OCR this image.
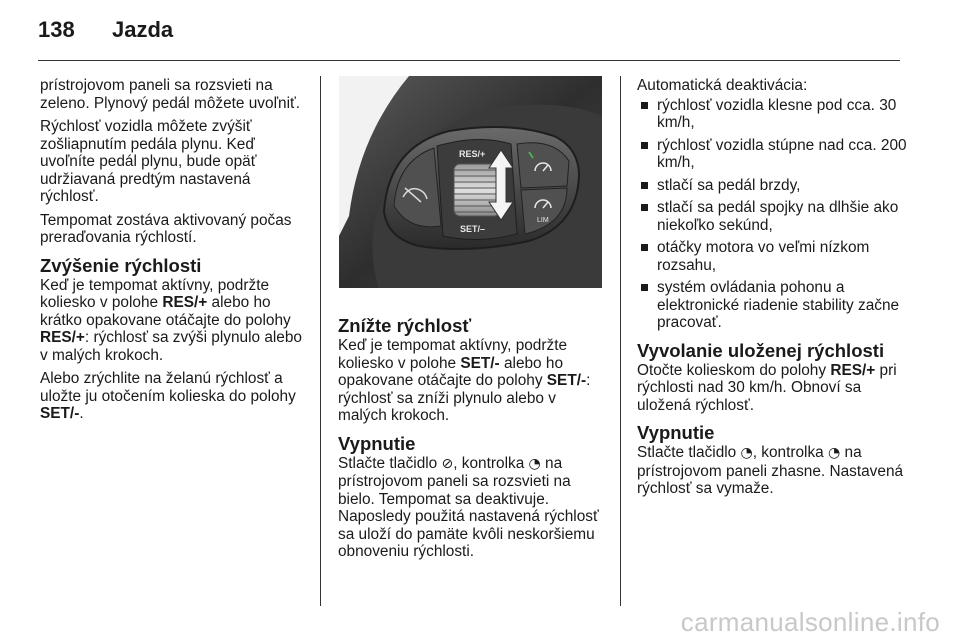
138 Jazda

prístrojovom paneli sa rozsvieti na zeleno. Plynový pedál môžete uvoľniť.

Rýchlosť vozidla môžete zvýšiť zošliapnutím pedála plynu. Keď uvoľníte pedál plynu, bude opäť udržiavaná predtým nastavená rýchlosť.

Tempomat zostáva aktivovaný počas preraďovania rýchlostí.

Zvýšenie rýchlosti

Keď je tempomat aktívny, podržte koliesko v polohe RES/+ alebo ho krátko opakovane otáčajte do polohy RES/+: rýchlosť sa zvýši plynulo alebo v malých krokoch.

Alebo zrýchlite na želanú rýchlosť a uložte ju otočením kolieska do polohy SET/-.

RES/+
SET/–
LIM
Znížte rýchlosť

Keď je tempomat aktívny, podržte koliesko v polohe SET/- alebo ho opakovane otáčajte do polohy SET/-: rýchlosť sa zníži plynulo alebo v malých krokoch.

Vypnutie

Stlačte tlačidlo ⊘, kontrolka ◔ na prístrojovom paneli sa rozsvieti na bielo. Tempomat sa deaktivuje. Naposledy použitá nastavená rýchlosť sa uloží do pamäte kvôli neskoršiemu obnoveniu rýchlosti.

Automatická deaktivácia:

rýchlosť vozidla klesne pod cca. 30 km/h,
rýchlosť vozidla stúpne nad cca. 200 km/h,
stlačí sa pedál brzdy,
stlačí sa pedál spojky na dlhšie ako niekoľko sekúnd,
otáčky motora vo veľmi nízkom rozsahu,
systém ovládania pohonu a elektronické riadenie stability začne pracovať.
Vyvolanie uloženej rýchlosti

Otočte kolieskom do polohy RES/+ pri rýchlosti nad 30 km/h. Obnoví sa uložená rýchlosť.

Vypnutie

Stlačte tlačidlo ◔, kontrolka ◔ na prístrojovom paneli zhasne. Nastavená rýchlosť sa vymaže.

carmanualsonline.info
